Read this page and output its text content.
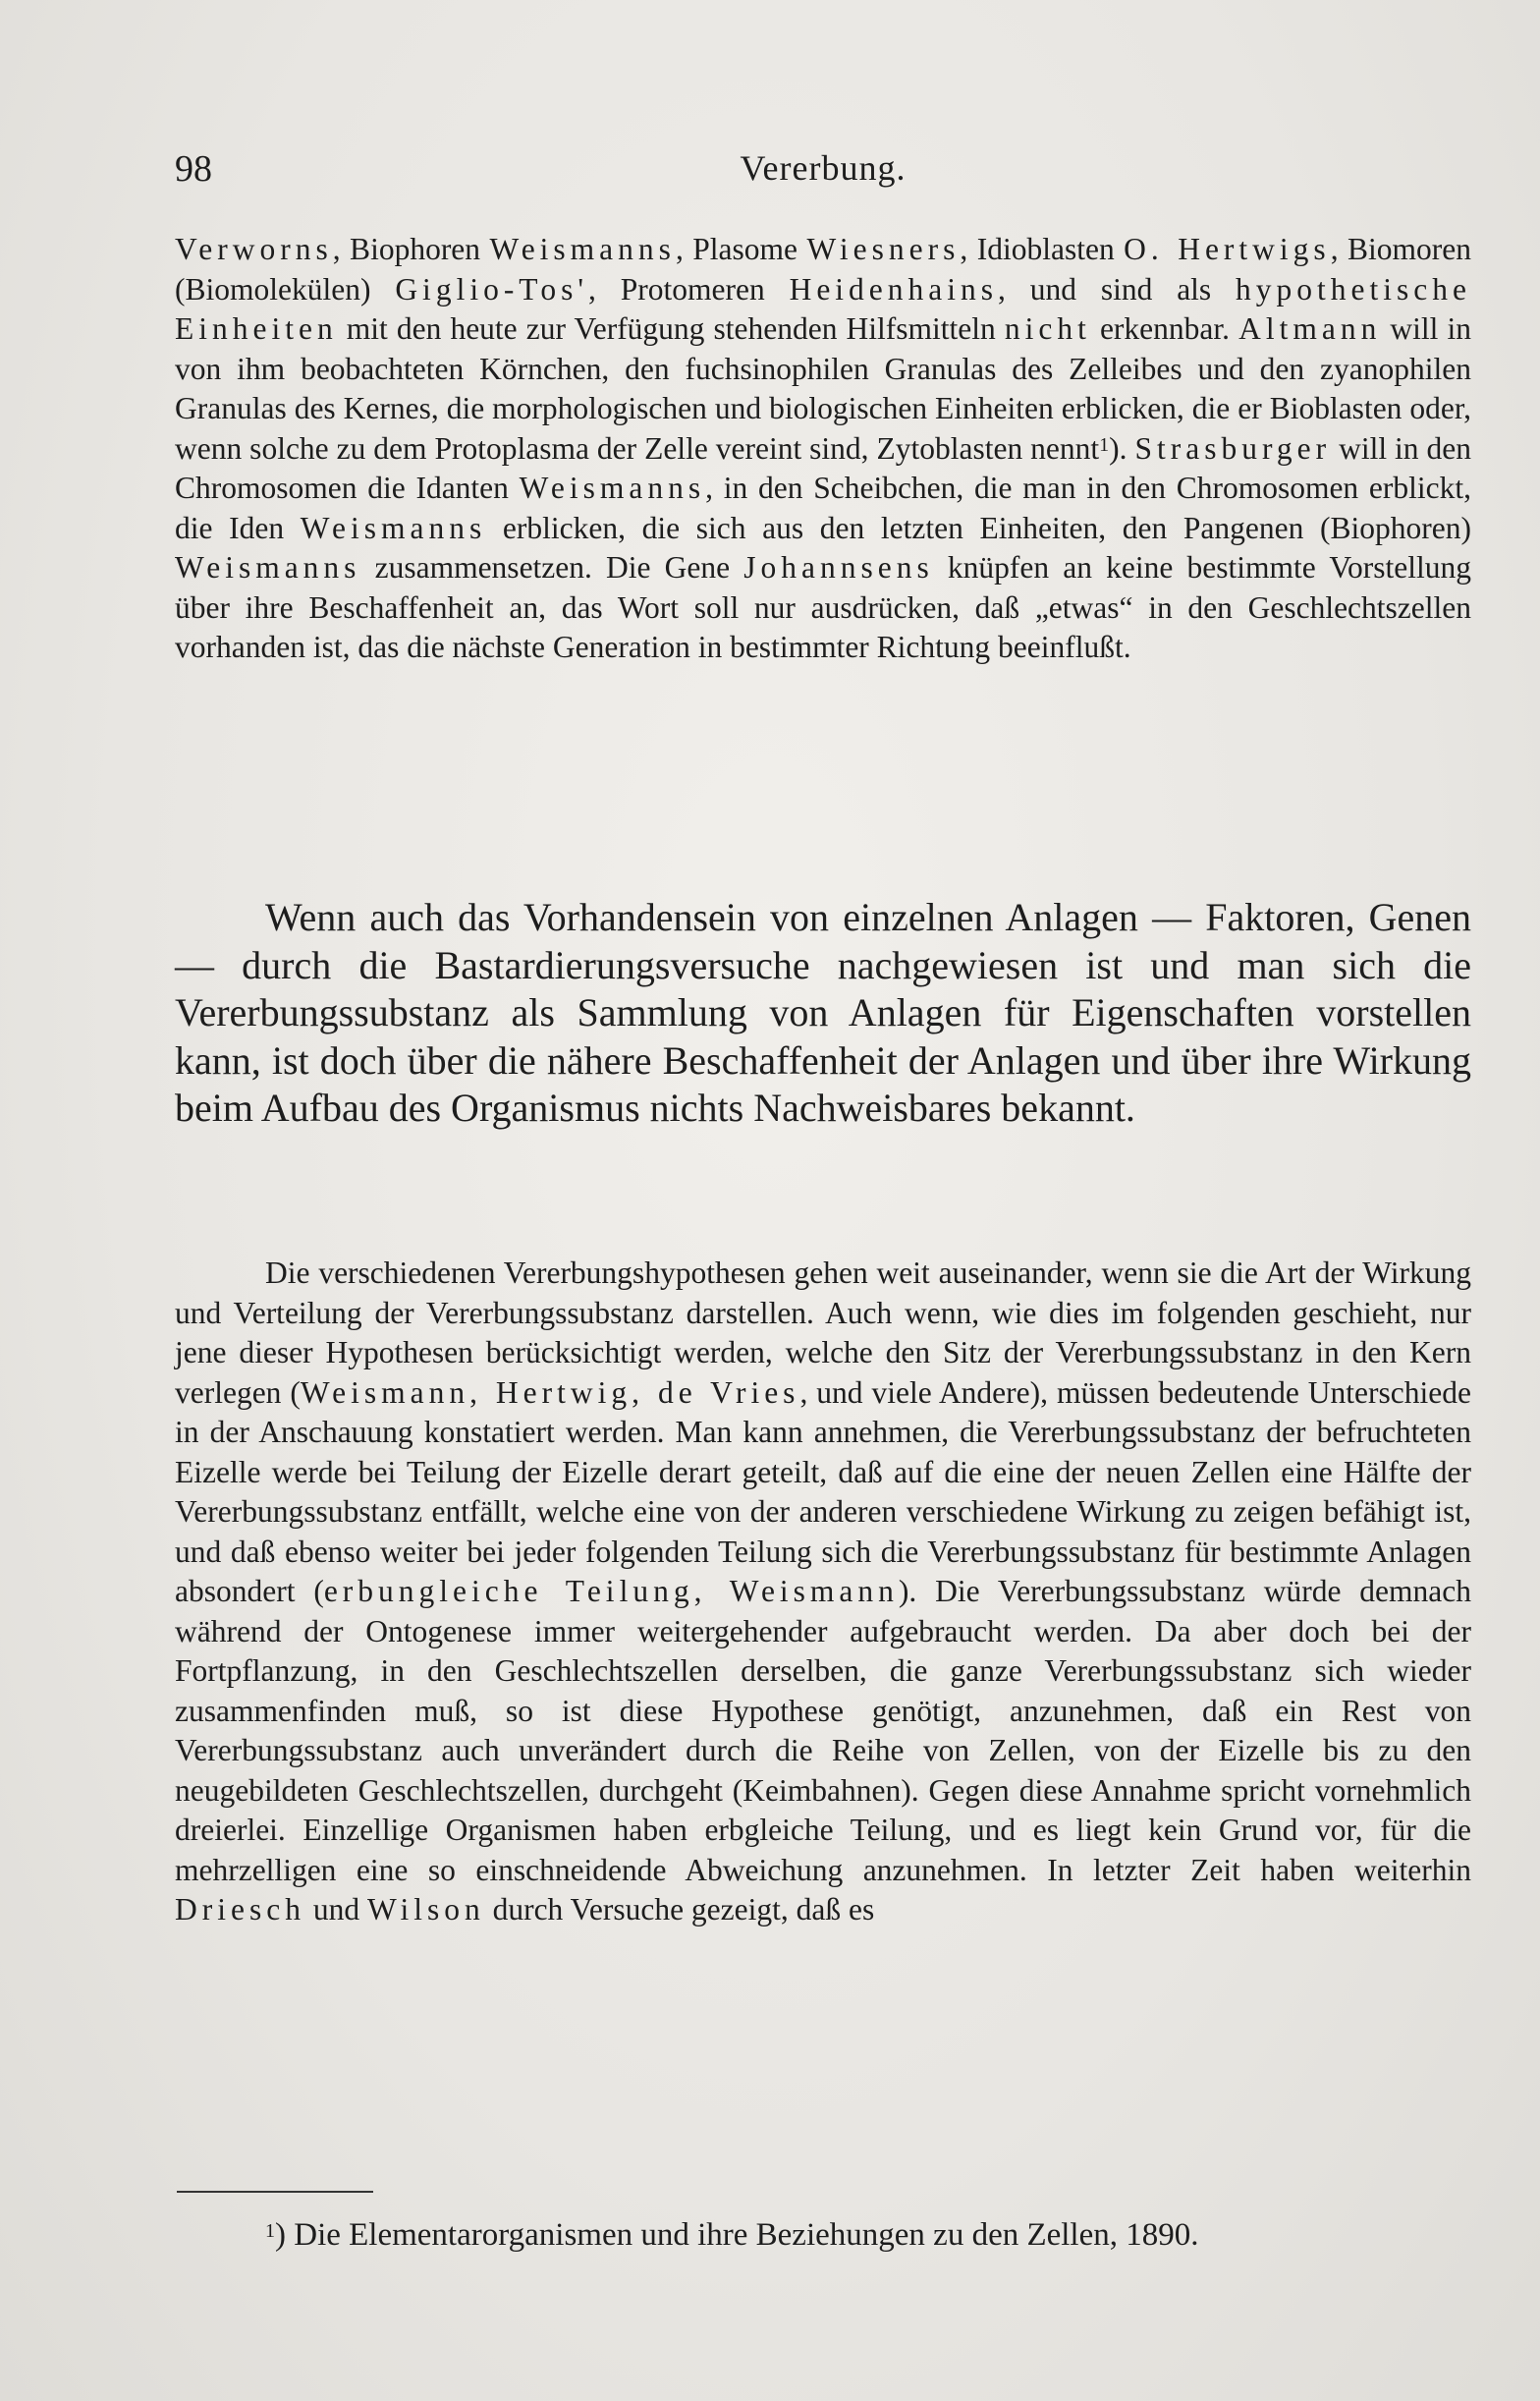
98	Vererbung.

Verworns, Biophoren Weismanns, Plasome Wiesners, Idioblasten O. Hertwigs, Biomoren (Biomolekülen) Giglio-Tos', Protomeren Heidenhains, und sind als hypothetische Einheiten mit den heute zur Verfügung stehenden Hilfsmitteln nicht erkennbar. Altmann will in von ihm beobachteten Körnchen, den fuchsinophilen Granulas des Zelleibes und den zyanophilen Granulas des Kernes, die morphologischen und biologischen Einheiten erblicken, die er Bioblasten oder, wenn solche zu dem Protoplasma der Zelle vereint sind, Zytoblasten nennt$^1$). Strasburger will in den Chromosomen die Idanten Weismanns, in den Scheibchen, die man in den Chromosomen erblickt, die Iden Weismanns erblicken, die sich aus den letzten Einheiten, den Pangenen (Biophoren) Weismanns zusammensetzen. Die Gene Johannsens knüpfen an keine bestimmte Vorstellung über ihre Beschaffenheit an, das Wort soll nur ausdrücken, daß „etwas“ in den Geschlechtszellen vorhanden ist, das die nächste Generation in bestimmter Richtung beeinflußt.

Wenn auch das Vorhandensein von einzelnen Anlagen — Faktoren, Genen — durch die Bastardierungsversuche nachgewiesen ist und man sich die Vererbungssubstanz als Sammlung von Anlagen für Eigenschaften vorstellen kann, ist doch über die nähere Beschaffenheit der Anlagen und über ihre Wirkung beim Aufbau des Organismus nichts Nachweisbares bekannt.

Die verschiedenen Vererbungshypothesen gehen weit auseinander, wenn sie die Art der Wirkung und Verteilung der Vererbungssubstanz darstellen. Auch wenn, wie dies im folgenden geschieht, nur jene dieser Hypothesen berücksichtigt werden, welche den Sitz der Vererbungssubstanz in den Kern verlegen (Weismann, Hertwig, de Vries, und viele Andere), müssen bedeutende Unterschiede in der Anschauung konstatiert werden. Man kann annehmen, die Vererbungssubstanz der befruchteten Eizelle werde bei Teilung der Eizelle derart geteilt, daß auf die eine der neuen Zellen eine Hälfte der Vererbungssubstanz entfällt, welche eine von der anderen verschiedene Wirkung zu zeigen befähigt ist, und daß ebenso weiter bei jeder folgenden Teilung sich die Vererbungssubstanz für bestimmte Anlagen absondert (erbungleiche Teilung, Weismann). Die Vererbungssubstanz würde demnach während der Ontogenese immer weitergehender aufgebraucht werden. Da aber doch bei der Fortpflanzung, in den Geschlechtszellen derselben, die ganze Vererbungssubstanz sich wieder zusammenfinden muß, so ist diese Hypothese genötigt, anzunehmen, daß ein Rest von Vererbungssubstanz auch unverändert durch die Reihe von Zellen, von der Eizelle bis zu den neugebildeten Geschlechtszellen, durchgeht (Keimbahnen). Gegen diese Annahme spricht vornehmlich dreierlei. Einzellige Organismen haben erbgleiche Teilung, und es liegt kein Grund vor, für die mehrzelligen eine so einschneidende Abweichung anzunehmen. In letzter Zeit haben weiterhin Driesch und Wilson durch Versuche gezeigt, daß es

$^1$) Die Elementarorganismen und ihre Beziehungen zu den Zellen, 1890.
